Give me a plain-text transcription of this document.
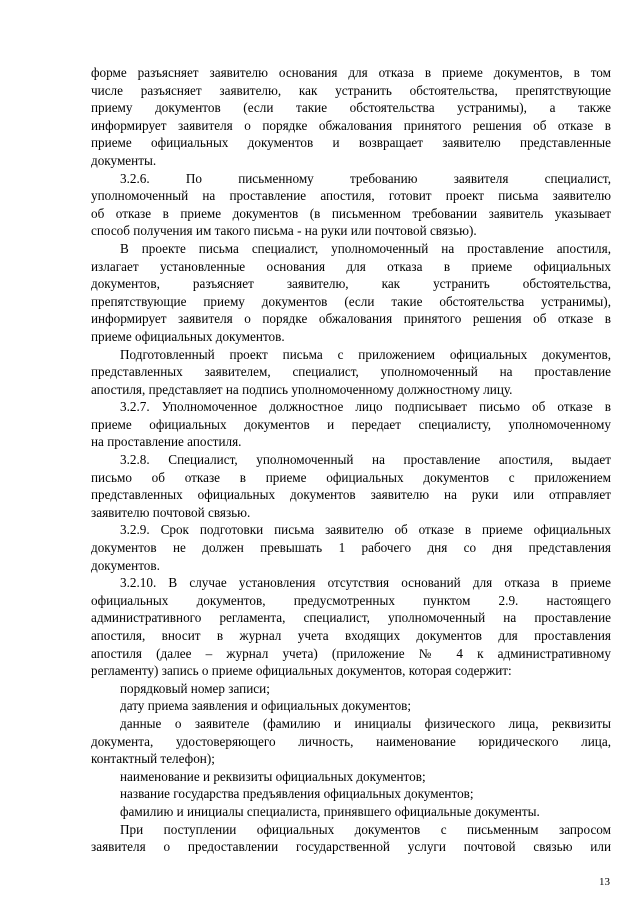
форме разъясняет заявителю основания для отказа в приеме документов, в том
числе разъясняет заявителю, как устранить обстоятельства, препятствующие
приему документов (если такие обстоятельства устранимы), а также
информирует заявителя о порядке обжалования принятого решения об отказе в
приеме официальных документов и возвращает заявителю представленные
документы.
3.2.6. По письменному требованию заявителя специалист,
уполномоченный на проставление апостиля, готовит проект письма заявителю
об отказе в приеме документов (в письменном требовании заявитель указывает
способ получения им такого письма - на руки или почтовой связью).
В проекте письма специалист, уполномоченный на проставление апостиля,
излагает установленные основания для отказа в приеме официальных
документов, разъясняет заявителю, как устранить обстоятельства,
препятствующие приему документов (если такие обстоятельства устранимы),
информирует заявителя о порядке обжалования принятого решения об отказе в
приеме официальных документов.
Подготовленный проект письма с приложением официальных документов,
представленных заявителем, специалист, уполномоченный на проставление
апостиля, представляет на подпись уполномоченному должностному лицу.
3.2.7. Уполномоченное должностное лицо подписывает письмо об отказе в
приеме официальных документов и передает специалисту, уполномоченному
на проставление апостиля.
3.2.8. Специалист, уполномоченный на проставление апостиля, выдает
письмо об отказе в приеме официальных документов с приложением
представленных официальных документов заявителю на руки или отправляет
заявителю почтовой связью.
3.2.9. Срок подготовки письма заявителю об отказе в приеме официальных
документов не должен превышать 1 рабочего дня со дня представления
документов.
3.2.10. В случае установления отсутствия оснований для отказа в приеме
официальных документов, предусмотренных пунктом 2.9. настоящего
административного регламента, специалист, уполномоченный на проставление
апостиля, вносит в журнал учета входящих документов для проставления
апостиля (далее – журнал учета) (приложение № 4 к административному
регламенту) запись о приеме официальных документов, которая содержит:
порядковый номер записи;
дату приема заявления и официальных документов;
данные о заявителе (фамилию и инициалы физического лица, реквизиты
документа, удостоверяющего личность, наименование юридического лица,
контактный телефон);
наименование и реквизиты официальных документов;
название государства предъявления официальных документов;
фамилию и инициалы специалиста, принявшего официальные документы.
При поступлении официальных документов с письменным запросом
заявителя о предоставлении государственной услуги почтовой связью или
13
